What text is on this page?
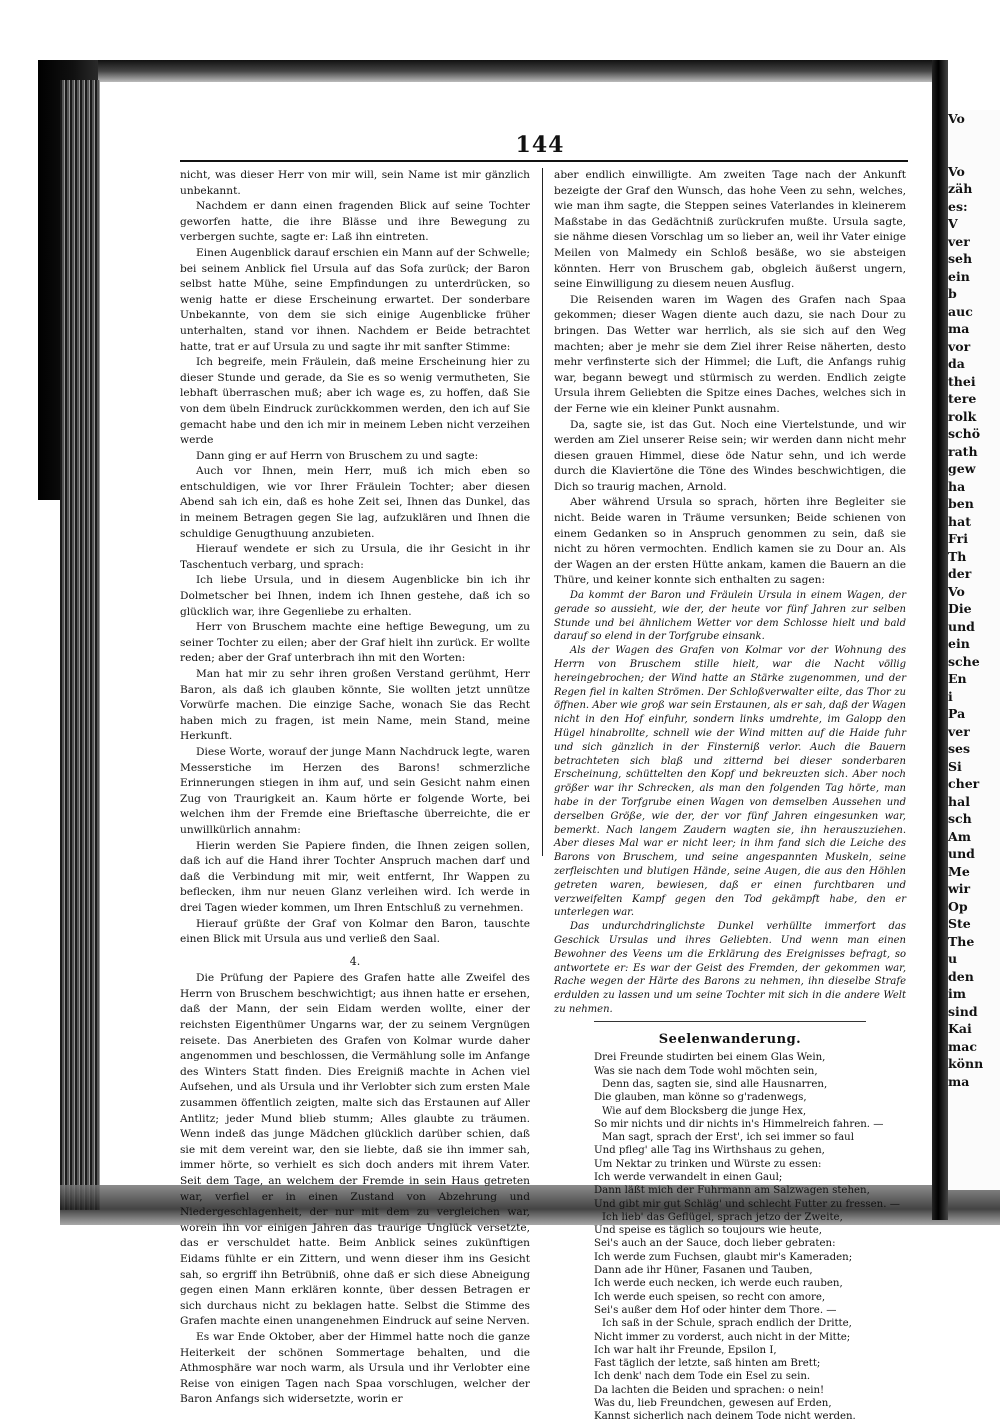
Vo

Vo
zäh
es:
V
ver
seh
ein
b
auc
ma
vor
da
thei
tere
rolk
schö
rath
gew
ha
ben
hat
Fri
Th
der
Vo
Die
und
ein
sche
En
i
Pa
ver
ses
Si
cher
hal
sch
Am
und
Me
wir
Op
Ste
The
u
den
im
sind
Kai
mac
könn
ma
144

nicht, was dieser Herr von mir will, sein Name ist mir gänzlich unbekannt.

Nachdem er dann einen fragenden Blick auf seine Tochter geworfen hatte, die ihre Blässe und ihre Bewegung zu verbergen suchte, sagte er: Laß ihn eintreten.

Einen Augenblick darauf erschien ein Mann auf der Schwelle; bei seinem Anblick fiel Ursula auf das Sofa zurück; der Baron selbst hatte Mühe, seine Empfindungen zu unterdrücken, so wenig hatte er diese Erscheinung erwartet. Der sonderbare Unbekannte, von dem sie sich einige Augenblicke früher unterhalten, stand vor ihnen. Nachdem er Beide betrachtet hatte, trat er auf Ursula zu und sagte ihr mit sanfter Stimme:

Ich begreife, mein Fräulein, daß meine Erscheinung hier zu dieser Stunde und gerade, da Sie es so wenig vermutheten, Sie lebhaft überraschen muß; aber ich wage es, zu hoffen, daß Sie von dem übeln Eindruck zurückkommen werden, den ich auf Sie gemacht habe und den ich mir in meinem Leben nicht verzeihen werde

Dann ging er auf Herrn von Bruschem zu und sagte:

Auch vor Ihnen, mein Herr, muß ich mich eben so entschuldigen, wie vor Ihrer Fräulein Tochter; aber diesen Abend sah ich ein, daß es hohe Zeit sei, Ihnen das Dunkel, das in meinem Betragen gegen Sie lag, aufzuklären und Ihnen die schuldige Genugthuung anzubieten.

Hierauf wendete er sich zu Ursula, die ihr Gesicht in ihr Taschentuch verbarg, und sprach:

Ich liebe Ursula, und in diesem Augenblicke bin ich ihr Dolmetscher bei Ihnen, indem ich Ihnen gestehe, daß ich so glücklich war, ihre Gegenliebe zu erhalten.

Herr von Bruschem machte eine heftige Bewegung, um zu seiner Tochter zu eilen; aber der Graf hielt ihn zurück. Er wollte reden; aber der Graf unterbrach ihn mit den Worten:

Man hat mir zu sehr ihren großen Verstand gerühmt, Herr Baron, als daß ich glauben könnte, Sie wollten jetzt unnütze Vorwürfe machen. Die einzige Sache, wonach Sie das Recht haben mich zu fragen, ist mein Name, mein Stand, meine Herkunft.

Diese Worte, worauf der junge Mann Nachdruck legte, waren Messerstiche im Herzen des Barons! schmerzliche Erinnerungen stiegen in ihm auf, und sein Gesicht nahm einen Zug von Traurigkeit an. Kaum hörte er folgende Worte, bei welchen ihm der Fremde eine Brieftasche überreichte, die er unwillkürlich annahm:

Hierin werden Sie Papiere finden, die Ihnen zeigen sollen, daß ich auf die Hand ihrer Tochter Anspruch machen darf und daß die Verbindung mit mir, weit entfernt, Ihr Wappen zu beflecken, ihm nur neuen Glanz verleihen wird. Ich werde in drei Tagen wieder kommen, um Ihren Entschluß zu vernehmen.

Hierauf grüßte der Graf von Kolmar den Baron, tauschte einen Blick mit Ursula aus und verließ den Saal.

4.

Die Prüfung der Papiere des Grafen hatte alle Zweifel des Herrn von Bruschem beschwichtigt; aus ihnen hatte er ersehen, daß der Mann, der sein Eidam werden wollte, einer der reichsten Eigenthümer Ungarns war, der zu seinem Vergnügen reisete. Das Anerbieten des Grafen von Kolmar wurde daher angenommen und beschlossen, die Vermählung solle im Anfange des Winters Statt finden. Dies Ereigniß machte in Achen viel Aufsehen, und als Ursula und ihr Verlobter sich zum ersten Male zusammen öffentlich zeigten, malte sich das Erstaunen auf Aller Antlitz; jeder Mund blieb stumm; Alles glaubte zu träumen. Wenn indeß das junge Mädchen glücklich darüber schien, daß sie mit dem vereint war, den sie liebte, daß sie ihn immer sah, immer hörte, so verhielt es sich doch anders mit ihrem Vater. Seit dem Tage, an welchem der Fremde in sein Haus getreten war, verfiel er in einen Zustand von Abzehrung und Niedergeschlagenheit, der nur mit dem zu vergleichen war, worein ihn vor einigen Jahren das traurige Unglück versetzte, das er verschuldet hatte. Beim Anblick seines zukünftigen Eidams fühlte er ein Zittern, und wenn dieser ihm ins Gesicht sah, so ergriff ihn Betrübniß, ohne daß er sich diese Abneigung gegen einen Mann erklären konnte, über dessen Betragen er sich durchaus nicht zu beklagen hatte. Selbst die Stimme des Grafen machte einen unangenehmen Eindruck auf seine Nerven.

Es war Ende Oktober, aber der Himmel hatte noch die ganze Heiterkeit der schönen Sommertage behalten, und die Athmosphäre war noch warm, als Ursula und ihr Verlobter eine Reise von einigen Tagen nach Spaa vorschlugen, welcher der Baron Anfangs sich widersetzte, worin er

aber endlich einwilligte. Am zweiten Tage nach der Ankunft bezeigte der Graf den Wunsch, das hohe Veen zu sehn, welches, wie man ihm sagte, die Steppen seines Vaterlandes in kleinerem Maßstabe in das Gedächtniß zurückrufen mußte. Ursula sagte, sie nähme diesen Vorschlag um so lieber an, weil ihr Vater einige Meilen von Malmedy ein Schloß besäße, wo sie absteigen könnten. Herr von Bruschem gab, obgleich äußerst ungern, seine Einwilligung zu diesem neuen Ausflug.

Die Reisenden waren im Wagen des Grafen nach Spaa gekommen; dieser Wagen diente auch dazu, sie nach Dour zu bringen. Das Wetter war herrlich, als sie sich auf den Weg machten; aber je mehr sie dem Ziel ihrer Reise näherten, desto mehr verfinsterte sich der Himmel; die Luft, die Anfangs ruhig war, begann bewegt und stürmisch zu werden. Endlich zeigte Ursula ihrem Geliebten die Spitze eines Daches, welches sich in der Ferne wie ein kleiner Punkt ausnahm.

Da, sagte sie, ist das Gut. Noch eine Viertelstunde, und wir werden am Ziel unserer Reise sein; wir werden dann nicht mehr diesen grauen Himmel, diese öde Natur sehn, und ich werde durch die Klaviertöne die Töne des Windes beschwichtigen, die Dich so traurig machen, Arnold.

Aber während Ursula so sprach, hörten ihre Begleiter sie nicht. Beide waren in Träume versunken; Beide schienen von einem Gedanken so in Anspruch genommen zu sein, daß sie nicht zu hören vermochten. Endlich kamen sie zu Dour an. Als der Wagen an der ersten Hütte ankam, kamen die Bauern an die Thüre, und keiner konnte sich enthalten zu sagen:

Da kommt der Baron und Fräulein Ursula in einem Wagen, der gerade so aussieht, wie der, der heute vor fünf Jahren zur selben Stunde und bei ähnlichem Wetter vor dem Schlosse hielt und bald darauf so elend in der Torfgrube einsank.

Als der Wagen des Grafen von Kolmar vor der Wohnung des Herrn von Bruschem stille hielt, war die Nacht völlig hereingebrochen; der Wind hatte an Stärke zugenommen, und der Regen fiel in kalten Strömen. Der Schloßverwalter eilte, das Thor zu öffnen. Aber wie groß war sein Erstaunen, als er sah, daß der Wagen nicht in den Hof einfuhr, sondern links umdrehte, im Galopp den Hügel hinabrollte, schnell wie der Wind mitten auf die Haide fuhr und sich gänzlich in der Finsterniß verlor. Auch die Bauern betrachteten sich blaß und zitternd bei dieser sonderbaren Erscheinung, schüttelten den Kopf und bekreuzten sich. Aber noch größer war ihr Schrecken, als man den folgenden Tag hörte, man habe in der Torfgrube einen Wagen von demselben Aussehen und derselben Größe, wie der, der vor fünf Jahren eingesunken war, bemerkt. Nach langem Zaudern wagten sie, ihn herauszuziehen. Aber dieses Mal war er nicht leer; in ihm fand sich die Leiche des Barons von Bruschem, und seine angespannten Muskeln, seine zerfleischten und blutigen Hände, seine Augen, die aus den Höhlen getreten waren, bewiesen, daß er einen furchtbaren und verzweifelten Kampf gegen den Tod gekämpft habe, den er unterlegen war.

Das undurchdringlichste Dunkel verhüllte immerfort das Geschick Ursulas und ihres Geliebten. Und wenn man einen Bewohner des Veens um die Erklärung des Ereignisses befragt, so antwortete er: Es war der Geist des Fremden, der gekommen war, Rache wegen der Härte des Barons zu nehmen, ihn dieselbe Strafe erdulden zu lassen und um seine Tochter mit sich in die andere Welt zu nehmen.

Seelenwanderung.
Drei Freunde studirten bei einem Glas Wein,
Was sie nach dem Tode wohl möchten sein,
Denn das, sagten sie, sind alle Hausnarren,
Die glauben, man könne so g'radenwegs,
Wie auf dem Blocksberg die junge Hex,
So mir nichts und dir nichts in's Himmelreich fahren. —
Man sagt, sprach der Erst', ich sei immer so faul
Und pfleg' alle Tag ins Wirthshaus zu gehen,
Um Nektar zu trinken und Würste zu essen:
Ich werde verwandelt in einen Gaul;
Dann läßt mich der Fuhrmann am Salzwagen stehen,
Und gibt mir gut Schläg' und schlecht Futter zu fressen. —
Ich lieb' das Geflügel, sprach jetzo der Zweite,
Und speise es täglich so toujours wie heute,
Sei's auch an der Sauce, doch lieber gebraten:
Ich werde zum Fuchsen, glaubt mir's Kameraden;
Dann ade ihr Hüner, Fasanen und Tauben,
Ich werde euch necken, ich werde euch rauben,
Ich werde euch speisen, so recht con amore,
Sei's außer dem Hof oder hinter dem Thore. —
Ich saß in der Schule, sprach endlich der Dritte,
Nicht immer zu vorderst, auch nicht in der Mitte;
Ich war halt ihr Freunde, Epsilon I,
Fast täglich der letzte, saß hinten am Brett;
Ich denk' nach dem Tode ein Esel zu sein.
Da lachten die Beiden und sprachen: o nein!
Was du, lieb Freundchen, gewesen auf Erden,
Kannst sicherlich nach deinem Tode nicht werden.
